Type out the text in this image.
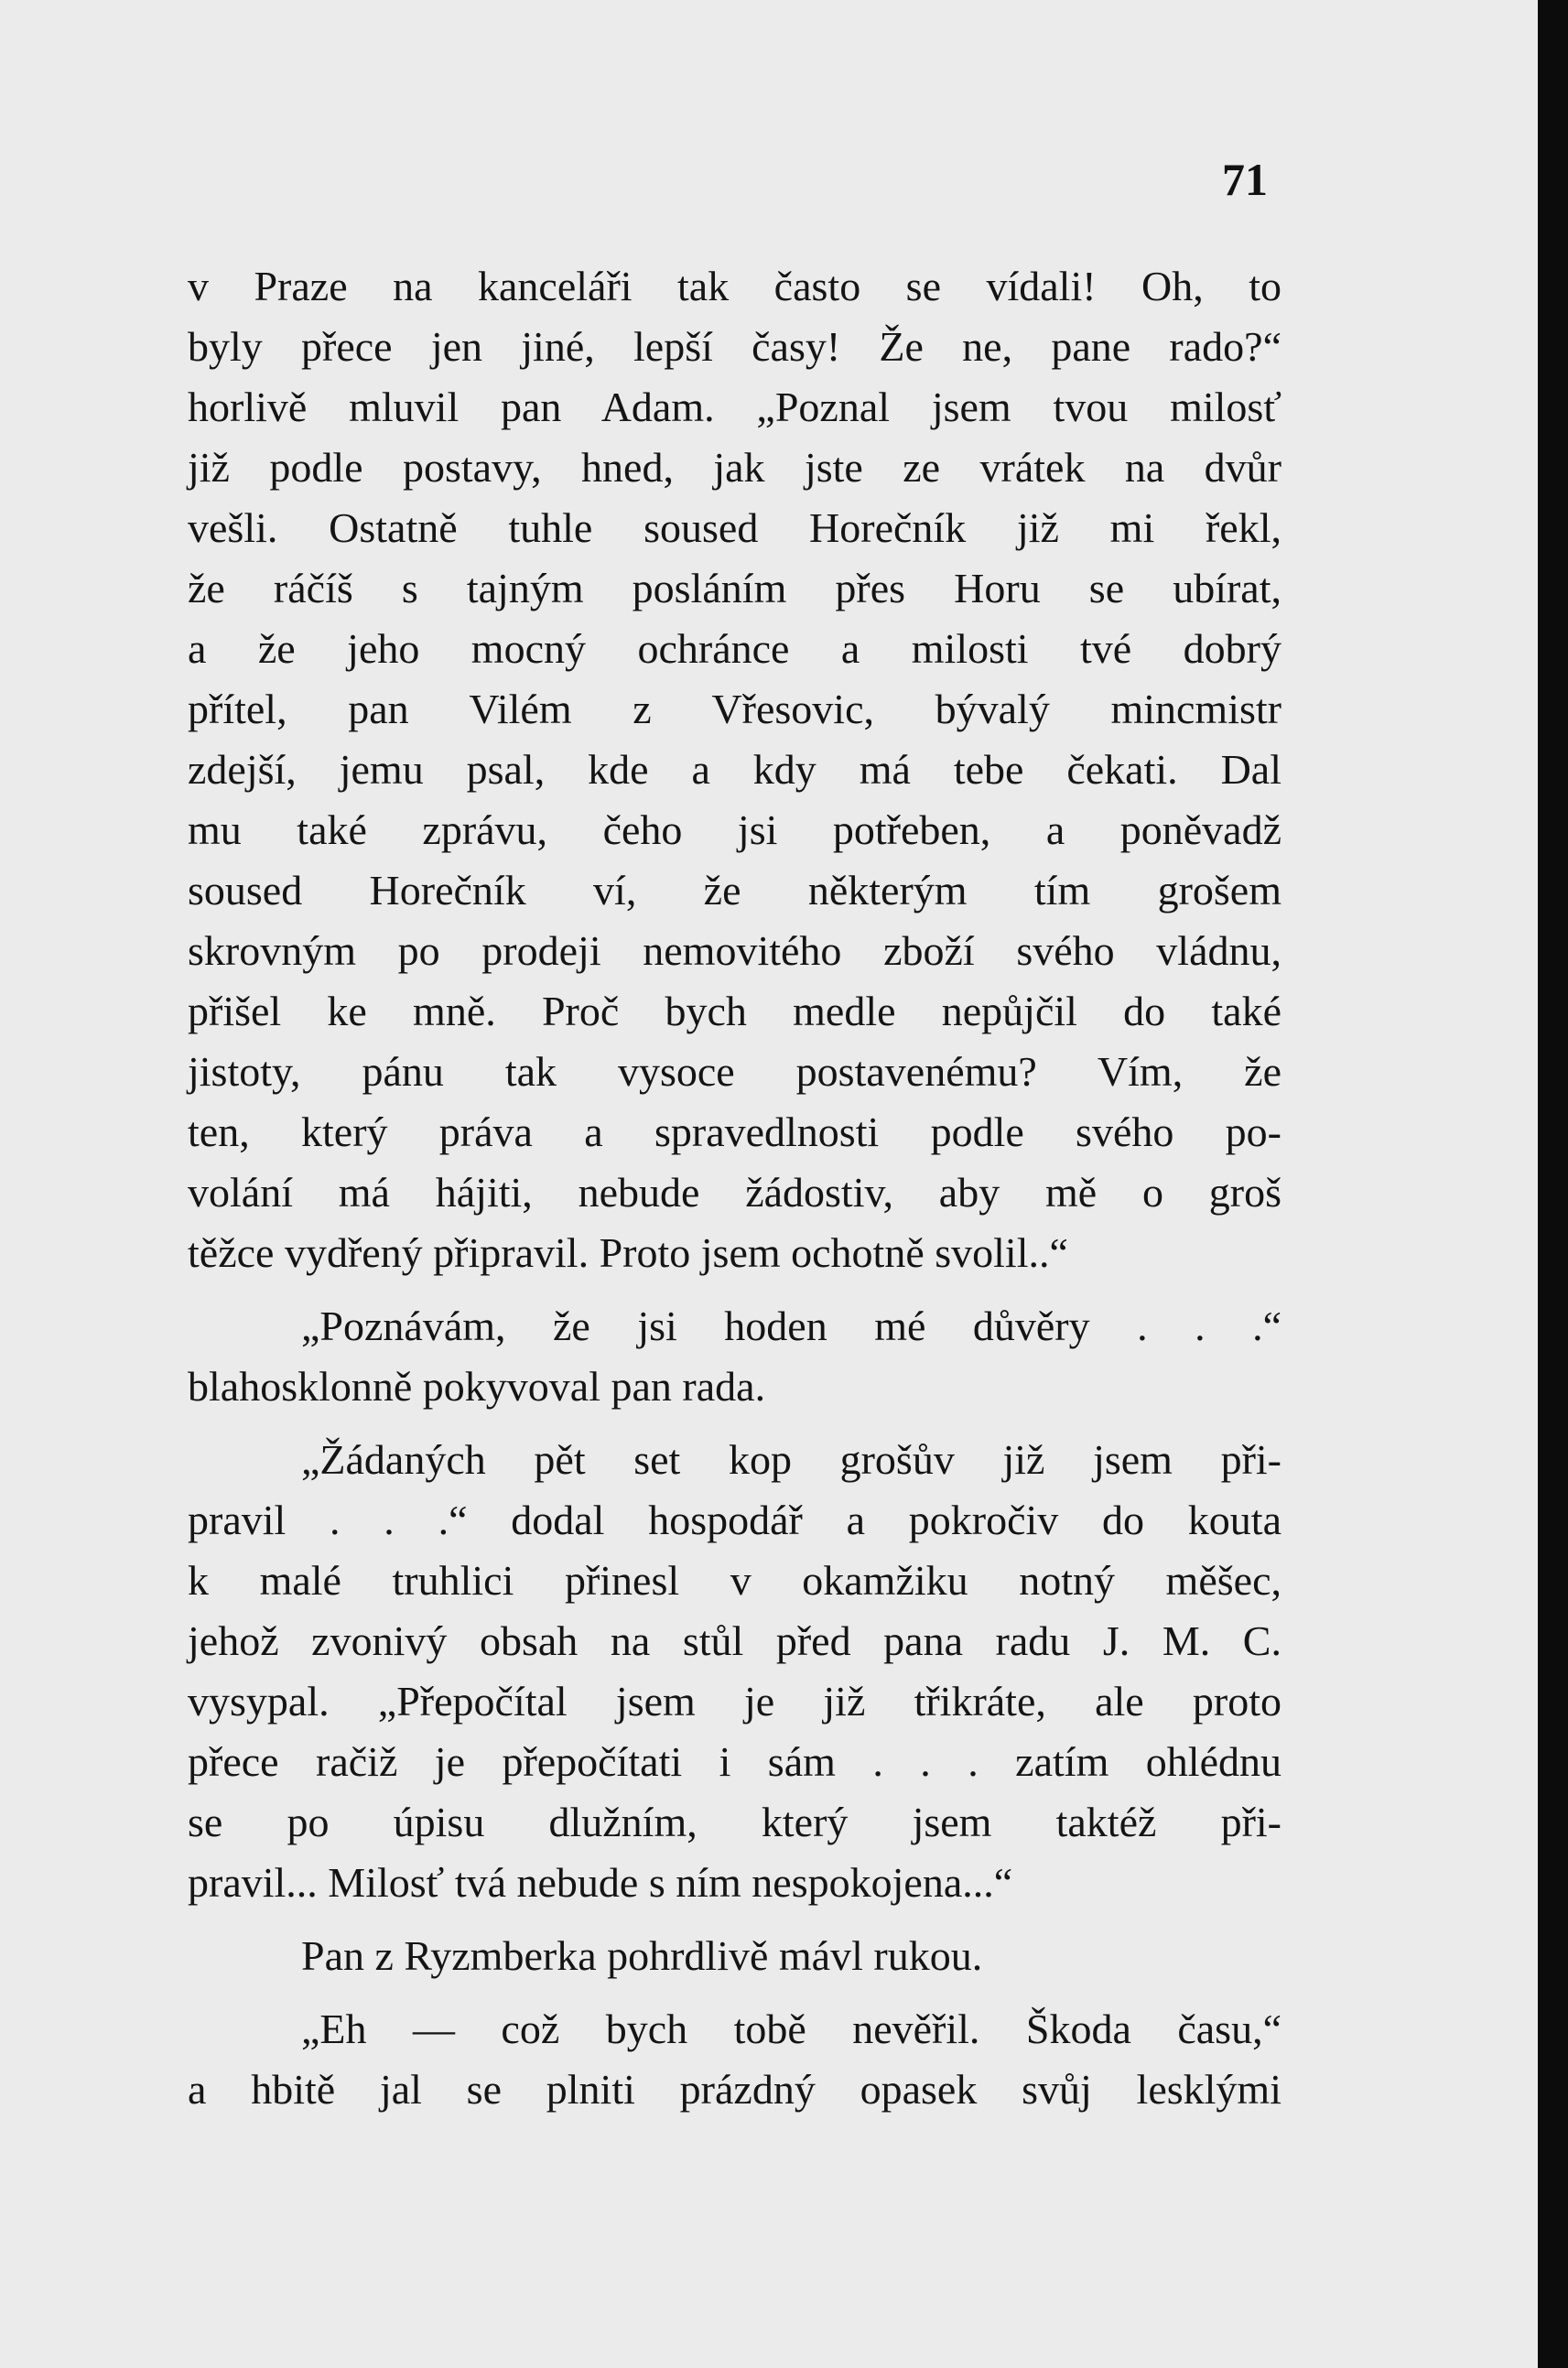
71
v Praze na kanceláři tak často se vídali! Oh, to
byly přece jen jiné, lepší časy! Že ne, pane rado?“
horlivě mluvil pan Adam. „Poznal jsem tvou milosť
již podle postavy, hned, jak jste ze vrátek na dvůr
vešli. Ostatně tuhle soused Horečník již mi řekl,
že ráčíš s tajným posláním přes Horu se ubírat,
a že jeho mocný ochránce a milosti tvé dobrý
přítel, pan Vilém z Vřesovic, bývalý mincmistr
zdejší, jemu psal, kde a kdy má tebe čekati. Dal
mu také zprávu, čeho jsi potřeben, a poněvadž
soused Horečník ví, že některým tím grošem
skrovným po prodeji nemovitého zboží svého vládnu,
přišel ke mně. Proč bych medle nepůjčil do také
jistoty, pánu tak vysoce postavenému? Vím, že
ten, který práva a spravedlnosti podle svého po-
volání má hájiti, nebude žádostiv, aby mě o groš
těžce vydřený připravil. Proto jsem ochotně svolil..“
„Poznávám, že jsi hoden mé důvěry . . .“
blahosklonně pokyvoval pan rada.
„Žádaných pět set kop grošův již jsem při-
pravil . . .“ dodal hospodář a pokročiv do kouta
k malé truhlici přinesl v okamžiku notný měšec,
jehož zvonivý obsah na stůl před pana radu J. M. C.
vysypal. „Přepočítal jsem je již třikráte, ale proto
přece račiž je přepočítati i sám . . . zatím ohlédnu
se po úpisu dlužním, který jsem taktéž při-
pravil... Milosť tvá nebude s ním nespokojena...“
Pan z Ryzmberka pohrdlivě mávl rukou.
„Eh — což bych tobě nevěřil. Škoda času,“
a hbitě jal se plniti prázdný opasek svůj lesklými
